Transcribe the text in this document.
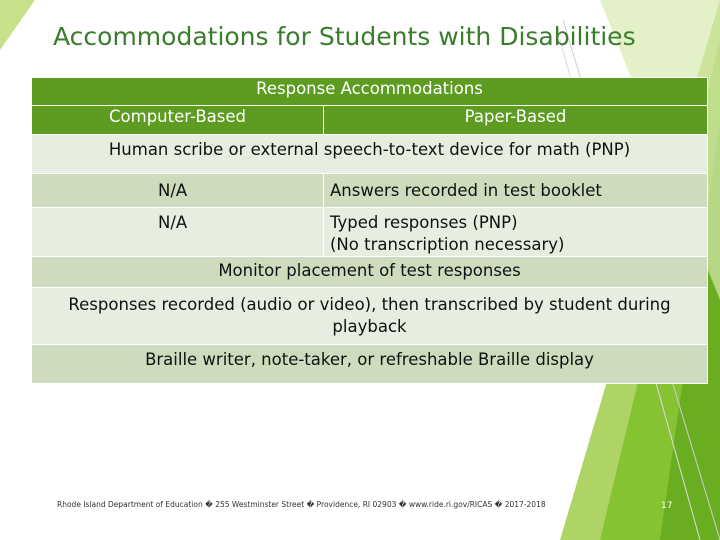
Accommodations for Students with Disabilities
Response Accommodations	
Computer-Based	Paper-Based
Human scribe or external speech-to-text device for math (PNP)	
N/A	Answers recorded in test booklet
N/A	Typed responses (PNP)
(No transcription necessary)

Monitor placement of test responses	
Responses recorded (audio or video), then transcribed by student during playback	
Braille writer, note-taker, or refreshable Braille display	
Rhode Island Department of Education � 255 Westminster Street � Providence, RI 02903 � www.ride.ri.gov/RICAS � 2017-2018	17
